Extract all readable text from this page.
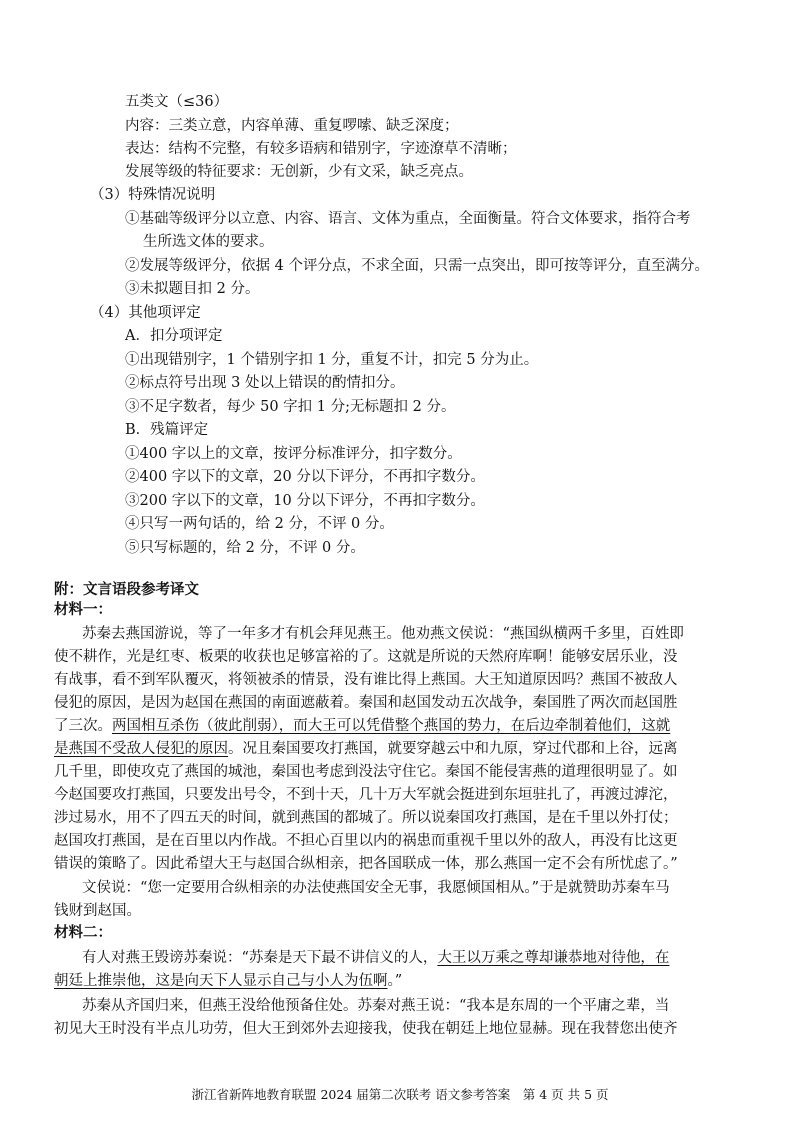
五类文（≤36）
内容：三类立意，内容单薄、重复啰嗦、缺乏深度；
表达：结构不完整，有较多语病和错别字，字迹潦草不清晰；
发展等级的特征要求：无创新，少有文采，缺乏亮点。
（3）特殊情况说明
①基础等级评分以立意、内容、语言、文体为重点，全面衡量。符合文体要求，指符合考
生所选文体的要求。
②发展等级评分，依据 4 个评分点，不求全面，只需一点突出，即可按等评分，直至满分。
③未拟题目扣 2 分。
（4）其他项评定
A．扣分项评定
①出现错别字，1 个错别字扣 1 分，重复不计，扣完 5 分为止。
②标点符号出现 3 处以上错误的酌情扣分。
③不足字数者，每少 50 字扣 1 分;无标题扣 2 分。
B．残篇评定
①400 字以上的文章，按评分标准评分，扣字数分。
②400 字以下的文章，20 分以下评分，不再扣字数分。
③200 字以下的文章，10 分以下评分，不再扣字数分。
④只写一两句话的，给 2 分，不评 0 分。
⑤只写标题的，给 2 分，不评 0 分。
附：文言语段参考译文
材料一：
苏秦去燕国游说，等了一年多才有机会拜见燕王。他劝燕文侯说：“燕国纵横两千多里，百姓即
使不耕作，光是红枣、板栗的收获也足够富裕的了。这就是所说的天然府库啊！能够安居乐业，没
有战事，看不到军队覆灭，将领被杀的情景，没有谁比得上燕国。大王知道原因吗？燕国不被敌人
侵犯的原因，是因为赵国在燕国的南面遮蔽着。秦国和赵国发动五次战争，秦国胜了两次而赵国胜
了三次。两国相互杀伤（彼此削弱），而大王可以凭借整个燕国的势力，在后边牵制着他们，这就
是燕国不受敌人侵犯的原因。况且秦国要攻打燕国，就要穿越云中和九原，穿过代郡和上谷，远离
几千里，即使攻克了燕国的城池，秦国也考虑到没法守住它。秦国不能侵害燕的道理很明显了。如
今赵国要攻打燕国，只要发出号令，不到十天，几十万大军就会挺进到东垣驻扎了，再渡过滹沱，
涉过易水，用不了四五天的时间，就到燕国的都城了。所以说秦国攻打燕国，是在千里以外打仗；
赵国攻打燕国，是在百里以内作战。不担心百里以内的祸患而重视千里以外的敌人，再没有比这更
错误的策略了。因此希望大王与赵国合纵相亲，把各国联成一体，那么燕国一定不会有所忧虑了。”
文侯说：“您一定要用合纵相亲的办法使燕国安全无事，我愿倾国相从。”于是就赞助苏秦车马
钱财到赵国。
材料二：
有人对燕王毁谤苏秦说：“苏秦是天下最不讲信义的人，大王以万乘之尊却谦恭地对待他，在
朝廷上推崇他，这是向天下人显示自己与小人为伍啊。”
苏秦从齐国归来，但燕王没给他预备住处。苏秦对燕王说：“我本是东周的一个平庸之辈，当
初见大王时没有半点儿功劳，但大王到郊外去迎接我，使我在朝廷上地位显赫。现在我替您出使齐
浙江省新阵地教育联盟 2024 届第二次联考 语文参考答案　第 4 页 共 5 页
